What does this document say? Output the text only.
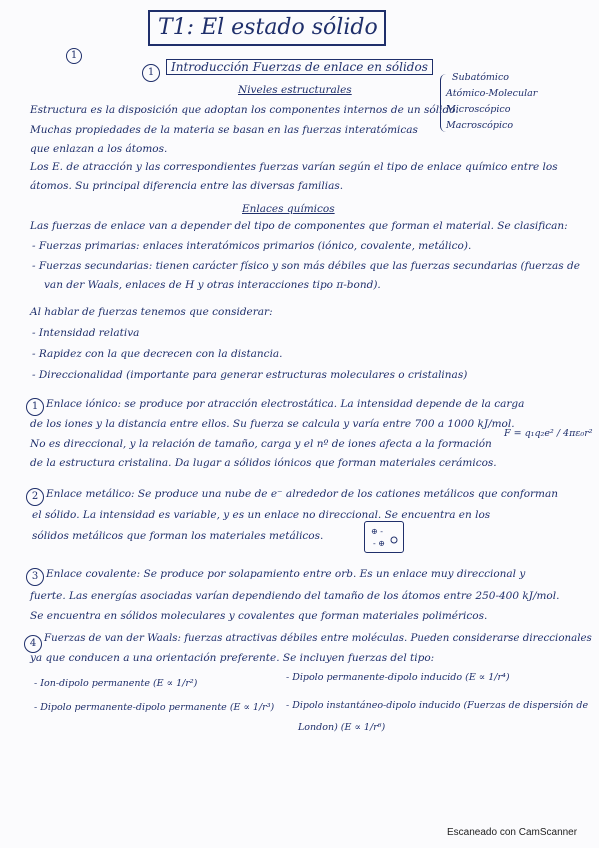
T1: El estado sólido
1
1	Introducción Fuerzas de enlace en sólidos
Niveles estructurales
Subatómico
Atómico-Molecular
Microscópico
Macroscópico
Estructura es la disposición que adoptan los componentes internos de un sólido.
Muchas propiedades de la materia se basan en las fuerzas interatómicas
que enlazan a los átomos.
Los E. de atracción y las correspondientes fuerzas varían según el tipo de enlace químico entre los
átomos. Su principal diferencia entre las diversas familias.
Enlaces químicos
Las fuerzas de enlace van a depender del tipo de componentes que forman el material. Se clasifican:
- Fuerzas primarias: enlaces interatómicos primarios (iónico, covalente, metálico).
- Fuerzas secundarias: tienen carácter físico y son más débiles que las fuerzas secundarias (fuerzas de
van der Waals, enlaces de H y otras interacciones tipo π-bond).
Al hablar de fuerzas tenemos que considerar:
- Intensidad relativa
- Rapidez con la que decrecen con la distancia.
- Direccionalidad (importante para generar estructuras moleculares o cristalinas)
1 Enlace iónico: se produce por atracción electrostática. La intensidad depende de la carga
de los iones y la distancia entre ellos. Su fuerza se calcula y varía entre 700 a 1000 kJ/mol.
No es direccional, y la relación de tamaño, carga y el nº de iones afecta a la formación
de la estructura cristalina. Da lugar a sólidos iónicos que forman materiales cerámicos.
F = q₁q₂e² / 4πε₀r²
2 Enlace metálico: Se produce una nube de e⁻ alrededor de los cationes metálicos que conforman
el sólido. La intensidad es variable, y es un enlace no direccional. Se encuentra en los
sólidos metálicos que forman los materiales metálicos.	⊕ -
- ⊕
3 Enlace covalente: Se produce por solapamiento entre orb. Es un enlace muy direccional y
fuerte. Las energías asociadas varían dependiendo del tamaño de los átomos entre 250-400 kJ/mol.
Se encuentra en sólidos moleculares y covalentes que forman materiales poliméricos.
4 Fuerzas de van der Waals: fuerzas atractivas débiles entre moléculas. Pueden considerarse direccionales
ya que conducen a una orientación preferente. Se incluyen fuerzas del tipo:
- Ion-dipolo permanente (E ∝ 1/r²)
- Dipolo permanente-dipolo permanente (E ∝ 1/r³)
- Dipolo permanente-dipolo inducido (E ∝ 1/r⁴)
- Dipolo instantáneo-dipolo inducido (Fuerzas de dispersión de
London) (E ∝ 1/r⁶)
Escaneado con CamScanner
